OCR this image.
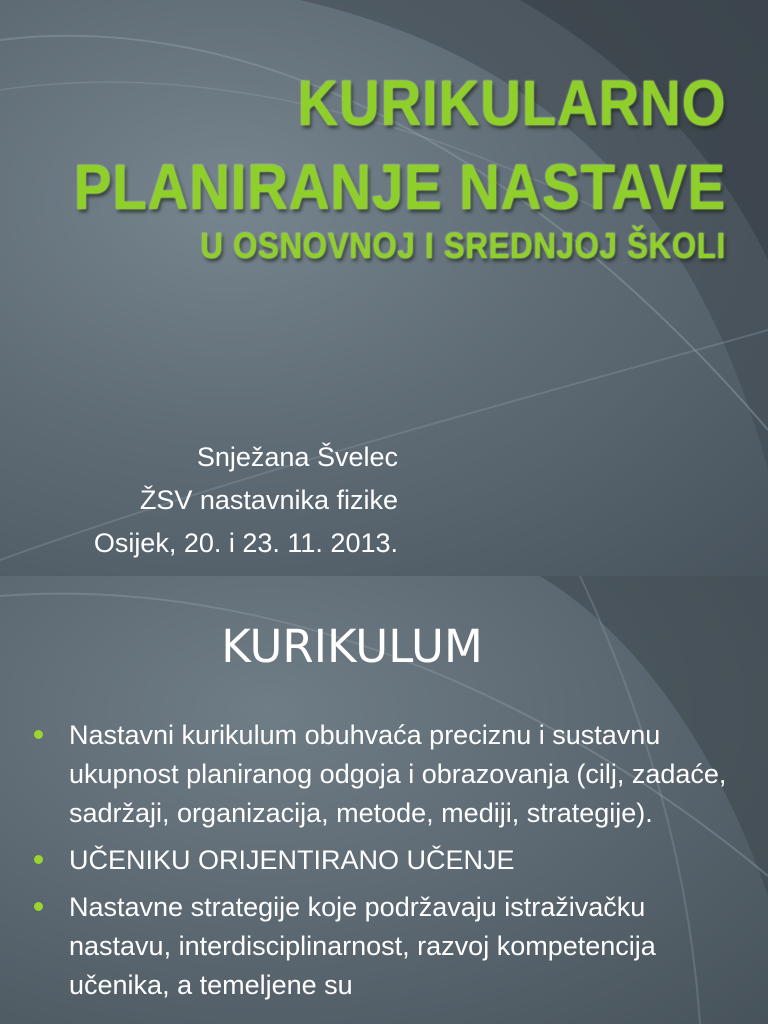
KURIKULARNO
PLANIRANJE NASTAVE
U OSNOVNOJ I SREDNJOJ ŠKOLI
Snježana Švelec
ŽSV nastavnika fizike
Osijek, 20. i 23. 11. 2013.
KURIKULUM
Nastavni kurikulum obuhvaća preciznu i sustavnu ukupnost planiranog odgoja i obrazovanja (cilj, zadaće, sadržaji, organizacija, metode, mediji, strategije).
UČENIKU ORIJENTIRANO UČENJE
Nastavne strategije koje podržavaju istraživačku nastavu, interdisciplinarnost, razvoj kompetencija učenika, a temeljene su
